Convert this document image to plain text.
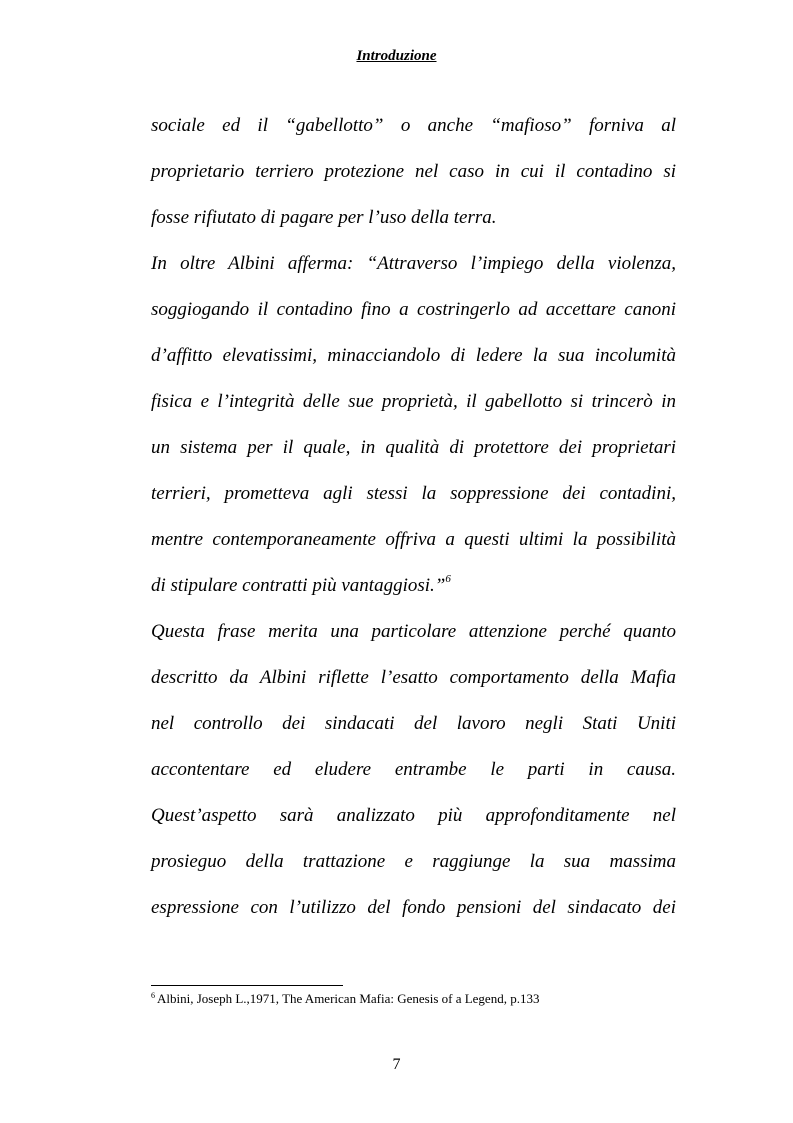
Introduzione
sociale ed il “gabellotto” o anche “mafioso” forniva al
proprietario terriero protezione nel caso in cui il contadino si
fosse rifiutato di pagare per l’uso della terra.
In oltre Albini afferma: “Attraverso l’impiego della violenza,
soggiogando il contadino fino a costringerlo ad accettare canoni
d’affitto elevatissimi, minacciandolo di ledere la sua incolumità
fisica e l’integrità delle sue proprietà, il gabellotto si trincerò in
un sistema per il quale, in qualità di protettore dei proprietari
terrieri, prometteva agli stessi la soppressione dei contadini,
mentre contemporaneamente offriva a questi ultimi la possibilità
di stipulare contratti più vantaggiosi.”$^6$
Questa frase merita una particolare attenzione perché quanto
descritto da Albini riflette l’esatto comportamento della Mafia
nel controllo dei sindacati del lavoro negli Stati Uniti
accontentare ed eludere entrambe le parti in causa.
Quest’aspetto sarà analizzato più approfonditamente nel
prosieguo della trattazione e raggiunge la sua massima
espressione con l’utilizzo del fondo pensioni del sindacato dei
$^6$ Albini, Joseph L.,1971, The American Mafia: Genesis of a Legend, p.133
7
